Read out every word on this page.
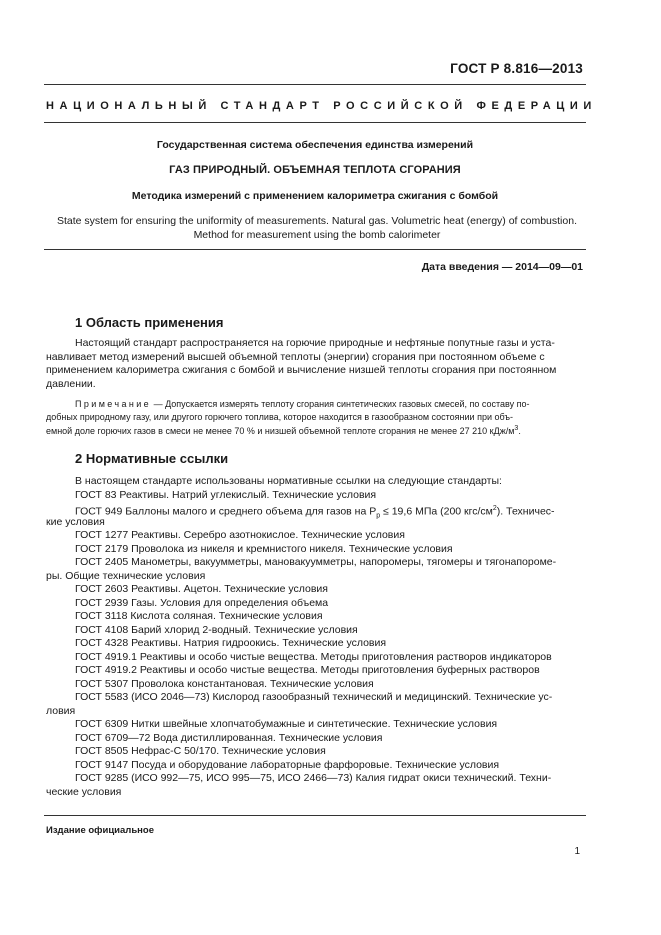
ГОСТ Р 8.816—2013
НАЦИОНАЛЬНЫЙ СТАНДАРТ РОССИЙСКОЙ ФЕДЕРАЦИИ
Государственная система обеспечения единства измерений
ГАЗ ПРИРОДНЫЙ. ОБЪЕМНАЯ ТЕПЛОТА СГОРАНИЯ
Методика измерений с применением калориметра сжигания с бомбой
State system for ensuring the uniformity of measurements. Natural gas. Volumetric heat (energy) of combustion.
Method for measurement using the bomb calorimeter
Дата введения — 2014—09—01
1 Область применения
Настоящий стандарт распространяется на горючие природные и нефтяные попутные газы и уста-
навливает метод измерений высшей объемной теплоты (энергии) сгорания при постоянном объеме с
применением калориметра сжигания с бомбой и вычисление низшей теплоты сгорания при постоянном
давлении.
Примечание — Допускается измерять теплоту сгорания синтетических газовых смесей, по составу по-
добных природному газу, или другого горючего топлива, которое находится в газообразном состоянии при объ-
емной доле горючих газов в смеси не менее 70 % и низшей объемной теплоте сгорания не менее 27 210 кДж/$м^3$.
2 Нормативные ссылки
В настоящем стандарте использованы нормативные ссылки на следующие стандарты:
ГОСТ 83 Реактивы. Натрий углекислый. Технические условия
ГОСТ 949 Баллоны малого и среднего объема для газов на $P_р \le 19,6$ МПа (200 кгс/$см^2$). Техничес-
кие условия
ГОСТ 1277 Реактивы. Серебро азотнокислое. Технические условия
ГОСТ 2179 Проволока из никеля и кремнистого никеля. Технические условия
ГОСТ 2405 Манометры, вакуумметры, мановакуумметры, напоромеры, тягомеры и тягонапороме-
ры. Общие технические условия
ГОСТ 2603 Реактивы. Ацетон. Технические условия
ГОСТ 2939 Газы. Условия для определения объема
ГОСТ 3118 Кислота соляная. Технические условия
ГОСТ 4108 Барий хлорид 2-водный. Технические условия
ГОСТ 4328 Реактивы. Натрия гидроокись. Технические условия
ГОСТ 4919.1 Реактивы и особо чистые вещества. Методы приготовления растворов индикаторов
ГОСТ 4919.2 Реактивы и особо чистые вещества. Методы приготовления буферных растворов
ГОСТ 5307 Проволока константановая. Технические условия
ГОСТ 5583 (ИСО 2046—73) Кислород газообразный технический и медицинский. Технические ус-
ловия
ГОСТ 6309 Нитки швейные хлопчатобумажные и синтетические. Технические условия
ГОСТ 6709—72 Вода дистиллированная. Технические условия
ГОСТ 8505 Нефрас-С 50/170. Технические условия
ГОСТ 9147 Посуда и оборудование лабораторные фарфоровые. Технические условия
ГОСТ 9285 (ИСО 992—75, ИСО 995—75, ИСО 2466—73) Калия гидрат окиси технический. Техни-
ческие условия
Издание официальное
1
